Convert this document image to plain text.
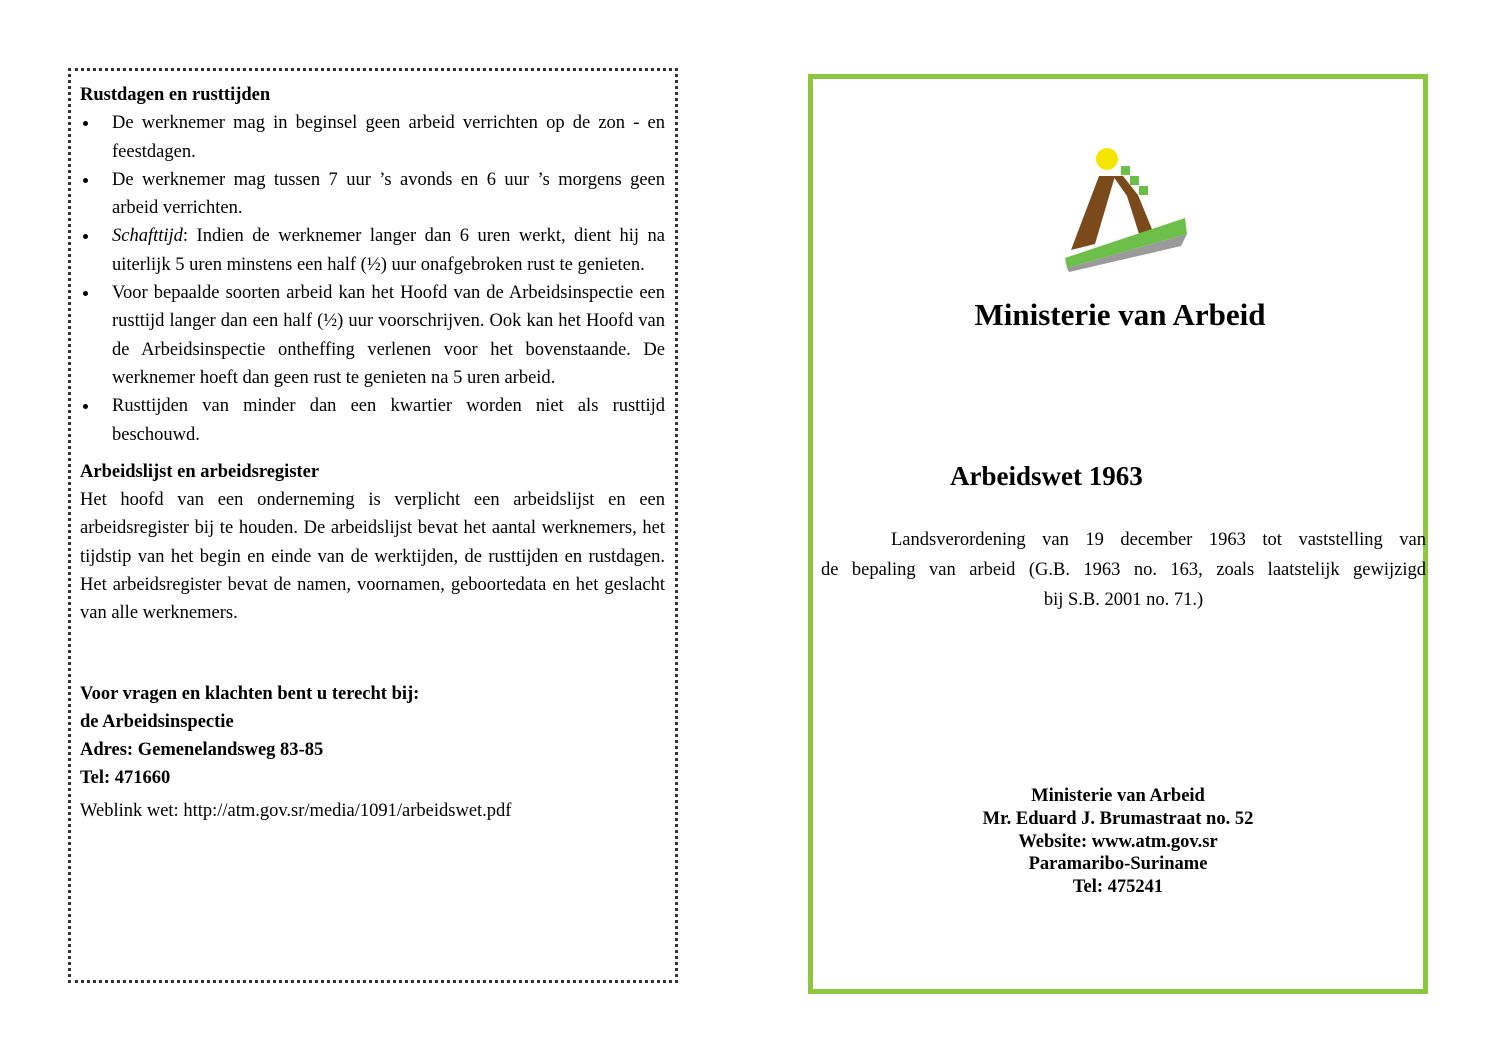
Rustdagen en rusttijden

De werknemer mag in beginsel geen arbeid verrichten op de zon - en feestdagen.
De werknemer mag tussen 7 uur ’s avonds en 6 uur ’s morgens geen arbeid verrichten.
Schafttijd: Indien de werknemer langer dan 6 uren werkt, dient hij na uiterlijk 5 uren minstens een half (½) uur onafgebroken rust te genieten.
Voor bepaalde soorten arbeid kan het Hoofd van de Arbeidsinspectie een rusttijd langer dan een half (½) uur voorschrijven. Ook kan het Hoofd van de Arbeidsinspectie ontheffing verlenen voor het bovenstaande. De werknemer hoeft dan geen rust te genieten na 5 uren arbeid.
Rusttijden van minder dan een kwartier worden niet als rusttijd beschouwd.

Arbeidslijst en arbeidsregister

Het hoofd van een onderneming is verplicht een arbeidslijst en een arbeidsregister bij te houden. De arbeidslijst bevat het aantal werknemers, het tijdstip van het begin en einde van de werktijden, de rusttijden en rustdagen. Het arbeidsregister bevat de namen, voornamen, geboortedata en het geslacht van alle werknemers.

Voor vragen en klachten bent u terecht bij:
de Arbeidsinspectie
Adres: Gemenelandsweg 83-85
Tel: 471660
Weblink wet: http://atm.gov.sr/media/1091/arbeidswet.pdf
Ministerie van Arbeid
Arbeidswet 1963
Landsverordening van 19 december 1963 tot vaststelling van
de bepaling van arbeid (G.B. 1963 no. 163, zoals laatstelijk gewijzigd
bij S.B. 2001 no. 71.)
Ministerie van Arbeid
Mr. Eduard J. Brumastraat no. 52
Website: www.atm.gov.sr
Paramaribo-Suriname
Tel: 475241
